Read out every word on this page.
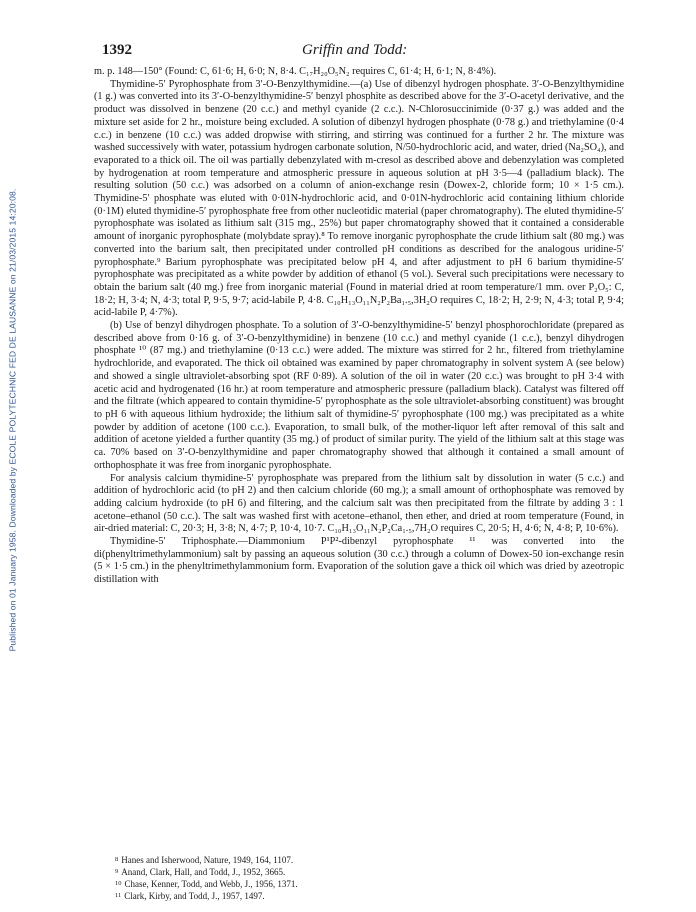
Published on 01 January 1958. Downloaded by ECOLE POLYTECHNIC FED DE LAUSANNE on 21/03/2015 14:20:08.
1392	Griffin and Todd:

m. p. 148—150° (Found: C, 61·6; H, 6·0; N, 8·4. C₁₇H₂₀O₅N₂ requires C, 61·4; H, 6·1; N, 8·4%).

Thymidine-5′ Pyrophosphate from 3′-O-Benzylthymidine.—(a) Use of dibenzyl hydrogen phosphate. 3′-O-Benzylthymidine (1 g.) was converted into its 3′-O-benzylthymidine-5′ benzyl phosphite as described above for the 3′-O-acetyl derivative, and the product was dissolved in benzene (20 c.c.) and methyl cyanide (2 c.c.). N-Chlorosuccinimide (0·37 g.) was added and the mixture set aside for 2 hr., moisture being excluded. A solution of dibenzyl hydrogen phosphate (0·78 g.) and triethylamine (0·4 c.c.) in benzene (10 c.c.) was added dropwise with stirring, and stirring was continued for a further 2 hr. The mixture was washed successively with water, potassium hydrogen carbonate solution, N/50-hydrochloric acid, and water, dried (Na₂SO₄), and evaporated to a thick oil. The oil was partially debenzylated with m-cresol as described above and debenzylation was completed by hydrogenation at room temperature and atmospheric pressure in aqueous solution at pH 3·5—4 (palladium black). The resulting solution (50 c.c.) was adsorbed on a column of anion-exchange resin (Dowex-2, chloride form; 10 × 1·5 cm.). Thymidine-5′ phosphate was eluted with 0·01N-hydrochloric acid, and 0·01N-hydrochloric acid containing lithium chloride (0·1M) eluted thymidine-5′ pyrophosphate free from other nucleotidic material (paper chromatography). The eluted thymidine-5′ pyrophosphate was isolated as lithium salt (315 mg., 25%) but paper chromatography showed that it contained a considerable amount of inorganic pyrophosphate (molybdate spray).⁸ To remove inorganic pyrophosphate the crude lithium salt (80 mg.) was converted into the barium salt, then precipitated under controlled pH conditions as described for the analogous uridine-5′ pyrophosphate.⁹ Barium pyrophosphate was precipitated below pH 4, and after adjustment to pH 6 barium thymidine-5′ pyrophosphate was precipitated as a white powder by addition of ethanol (5 vol.). Several such precipitations were necessary to obtain the barium salt (40 mg.) free from inorganic material (Found in material dried at room temperature/1 mm. over P₂O₅: C, 18·2; H, 3·4; N, 4·3; total P, 9·5, 9·7; acid-labile P, 4·8. C₁₀H₁₃O₁₁N₂P₂Ba₁.₅,3H₂O requires C, 18·2; H, 2·9; N, 4·3; total P, 9·4; acid-labile P, 4·7%).

(b) Use of benzyl dihydrogen phosphate. To a solution of 3′-O-benzylthymidine-5′ benzyl phosphorochloridate (prepared as described above from 0·16 g. of 3′-O-benzylthymidine) in benzene (10 c.c.) and methyl cyanide (1 c.c.), benzyl dihydrogen phosphate ¹⁰ (87 mg.) and triethylamine (0·13 c.c.) were added. The mixture was stirred for 2 hr., filtered from triethylamine hydrochloride, and evaporated. The thick oil obtained was examined by paper chromatography in solvent system A (see below) and showed a single ultraviolet-absorbing spot (RF 0·89). A solution of the oil in water (20 c.c.) was brought to pH 3·4 with acetic acid and hydrogenated (16 hr.) at room temperature and atmospheric pressure (palladium black). Catalyst was filtered off and the filtrate (which appeared to contain thymidine-5′ pyrophosphate as the sole ultraviolet-absorbing constituent) was brought to pH 6 with aqueous lithium hydroxide; the lithium salt of thymidine-5′ pyrophosphate (100 mg.) was precipitated as a white powder by addition of acetone (100 c.c.). Evaporation, to small bulk, of the mother-liquor left after removal of this salt and addition of acetone yielded a further quantity (35 mg.) of product of similar purity. The yield of the lithium salt at this stage was ca. 70% based on 3′-O-benzylthymidine and paper chromatography showed that although it contained a small amount of orthophosphate it was free from inorganic pyrophosphate.

For analysis calcium thymidine-5′ pyrophosphate was prepared from the lithium salt by dissolution in water (5 c.c.) and addition of hydrochloric acid (to pH 2) and then calcium chloride (60 mg.); a small amount of orthophosphate was removed by adding calcium hydroxide (to pH 6) and filtering, and the calcium salt was then precipitated from the filtrate by adding 3 : 1 acetone–ethanol (50 c.c.). The salt was washed first with acetone–ethanol, then ether, and dried at room temperature (Found, in air-dried material: C, 20·3; H, 3·8; N, 4·7; P, 10·4, 10·7. C₁₀H₁₃O₁₁N₂P₂Ca₁.₅,7H₂O requires C, 20·5; H, 4·6; N, 4·8; P, 10·6%).

Thymidine-5′ Triphosphate.—Diammonium P¹P²-dibenzyl pyrophosphate ¹¹ was converted into the di(phenyltrimethylammonium) salt by passing an aqueous solution (30 c.c.) through a column of Dowex-50 ion-exchange resin (5 × 1·5 cm.) in the phenyltrimethylammonium form. Evaporation of the solution gave a thick oil which was dried by azeotropic distillation with

$^8$ Hanes and Isherwood, Nature, 1949, 164, 1107.
$^9$ Anand, Clark, Hall, and Todd, J., 1952, 3665.
$^{10}$ Chase, Kenner, Todd, and Webb, J., 1956, 1371.
$^{11}$ Clark, Kirby, and Todd, J., 1957, 1497.
